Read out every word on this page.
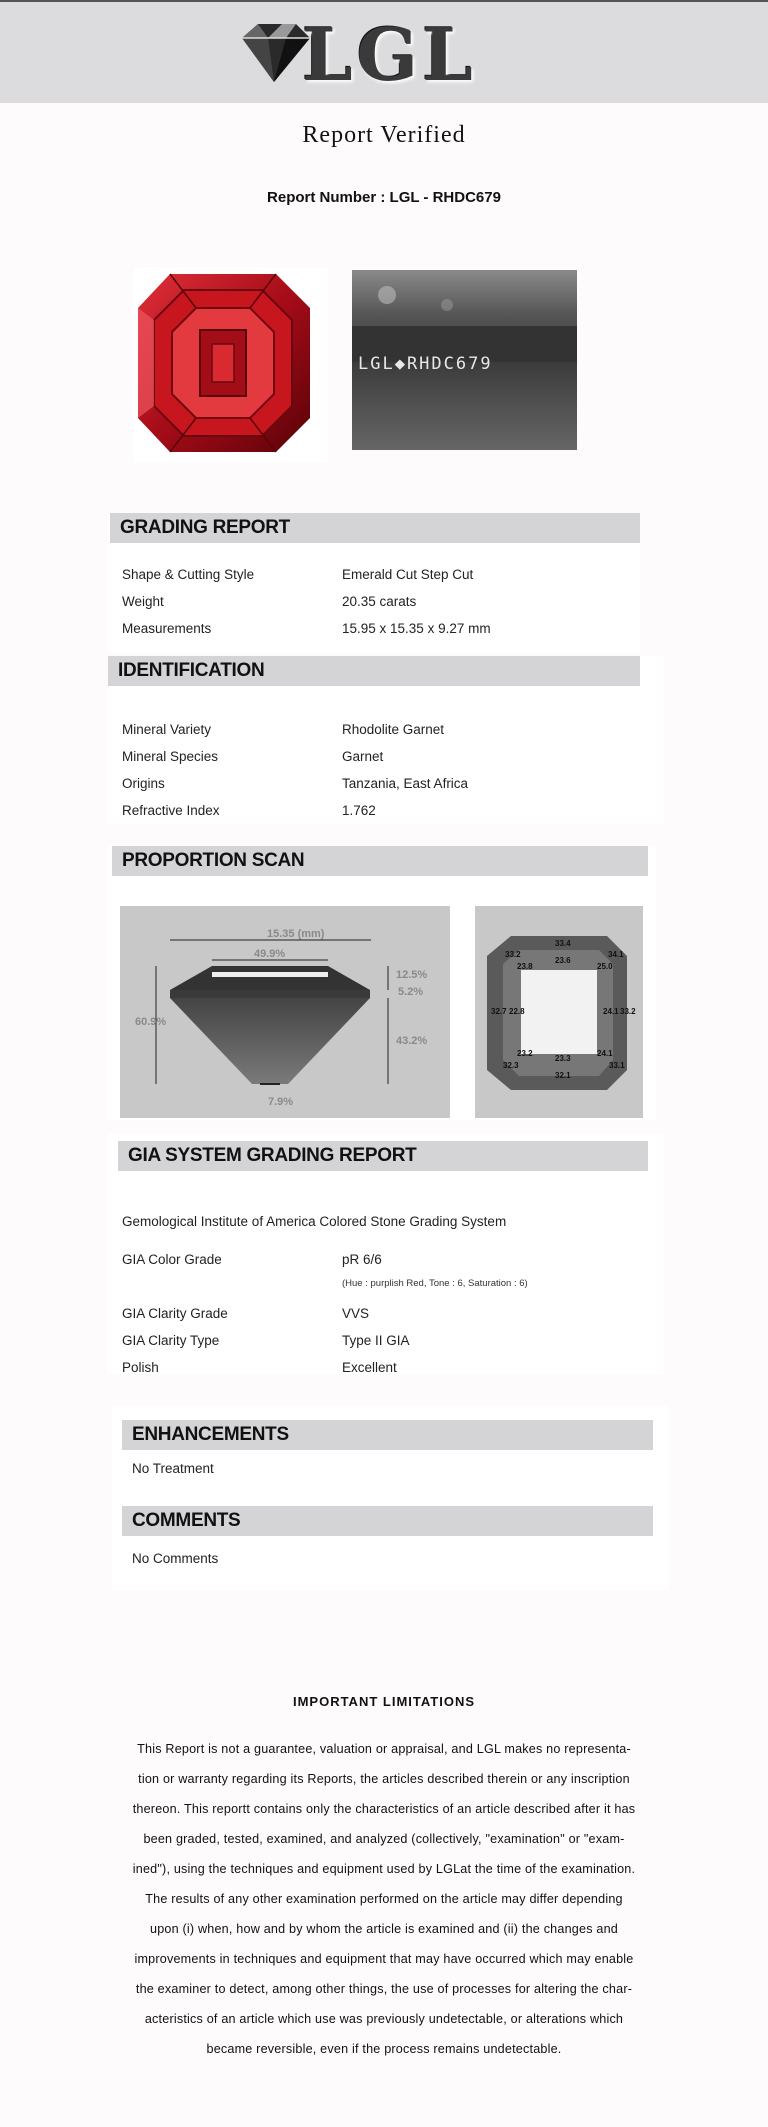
LGL
Report Verified
Report Number : LGL - RHDC679
LGL◆RHDC679
GRADING REPORT
Shape & Cutting Style	Emerald Cut Step Cut
Weight	20.35 carats
Measurements	15.95 x 15.35 x 9.27 mm
IDENTIFICATION
Mineral Variety	Rhodolite Garnet
Mineral Species	Garnet
Origins	Tanzania, East Africa
Refractive Index	1.762
PROPORTION SCAN
15.35 (mm)
49.9%
60.9%
12.5%
5.2%
43.2%
7.9%
33.4
33.2	34.1
23.8
23.6
25.0
32.7 22.8	24.1 33.2
23.2
23.3
24.1
32.3	33.1
32.1
GIA SYSTEM GRADING REPORT
Gemological Institute of America Colored Stone Grading System
GIA Color Grade	pR 6/6
(Hue : purplish Red, Tone : 6, Saturation : 6)
GIA Clarity Grade	VVS
GIA Clarity Type	Type II GIA
Polish	Excellent
ENHANCEMENTS
No Treatment
COMMENTS
No Comments
IMPORTANT LIMITATIONS
This Report is not a guarantee, valuation or appraisal, and LGL makes no representa-
tion or warranty regarding its Reports, the articles described therein or any inscription
thereon. This reportt contains only the characteristics of an article described after it has
been graded, tested, examined, and analyzed (collectively, "examination" or "exam-
ined"), using the techniques and equipment used by LGLat the time of the examination.
The results of any other examination performed on the article may differ depending
upon (i) when, how and by whom the article is examined and (ii) the changes and
improvements in techniques and equipment that may have occurred which may enable
the examiner to detect, among other things, the use of processes for altering the char-
acteristics of an article which use was previously undetectable, or alterations which
became reversible, even if the process remains undetectable.
